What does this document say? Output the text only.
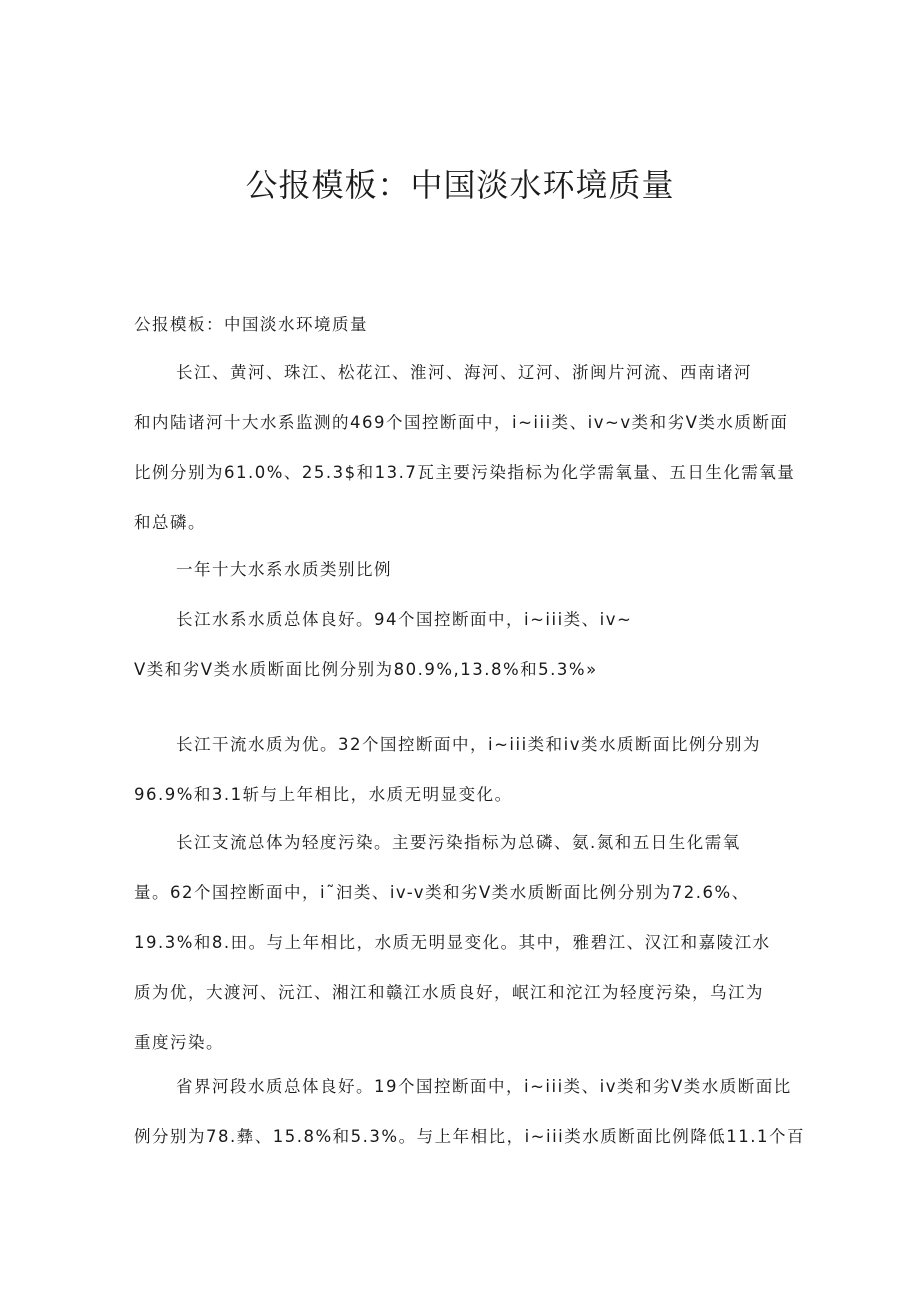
公报模板：中国淡水环境质量

公报模板：中国淡水环境质量

长江、黄河、珠江、松花江、淮河、海河、辽河、浙闽片河流、西南诸河
和内陆诸河十大水系监测的469个国控断面中，i~iii类、iv~v类和劣V类水质断面
比例分别为61.0%、25.3$和13.7瓦主要污染指标为化学需氧量、五日生化需氧量
和总磷。

一年十大水系水质类别比例

长江水系水质总体良好。94个国控断面中，i~iii类、iv~
V类和劣V类水质断面比例分别为80.9%,13.8%和5.3%»

长江干流水质为优。32个国控断面中，i~iii类和iv类水质断面比例分别为
96.9%和3.1斩与上年相比，水质无明显变化。

长江支流总体为轻度污染。主要污染指标为总磷、氨.氮和五日生化需氧
量。62个国控断面中，i˜汩类、iv-v类和劣V类水质断面比例分别为72.6%、
19.3%和8.田。与上年相比，水质无明显变化。其中，雅碧江、汉江和嘉陵江水
质为优，大渡河、沅江、湘江和赣江水质良好，岷江和沱江为轻度污染，乌江为
重度污染。

省界河段水质总体良好。19个国控断面中，i~iii类、iv类和劣V类水质断面比
例分别为78.彝、15.8%和5.3%。与上年相比，i~iii类水质断面比例降低11.1个百
